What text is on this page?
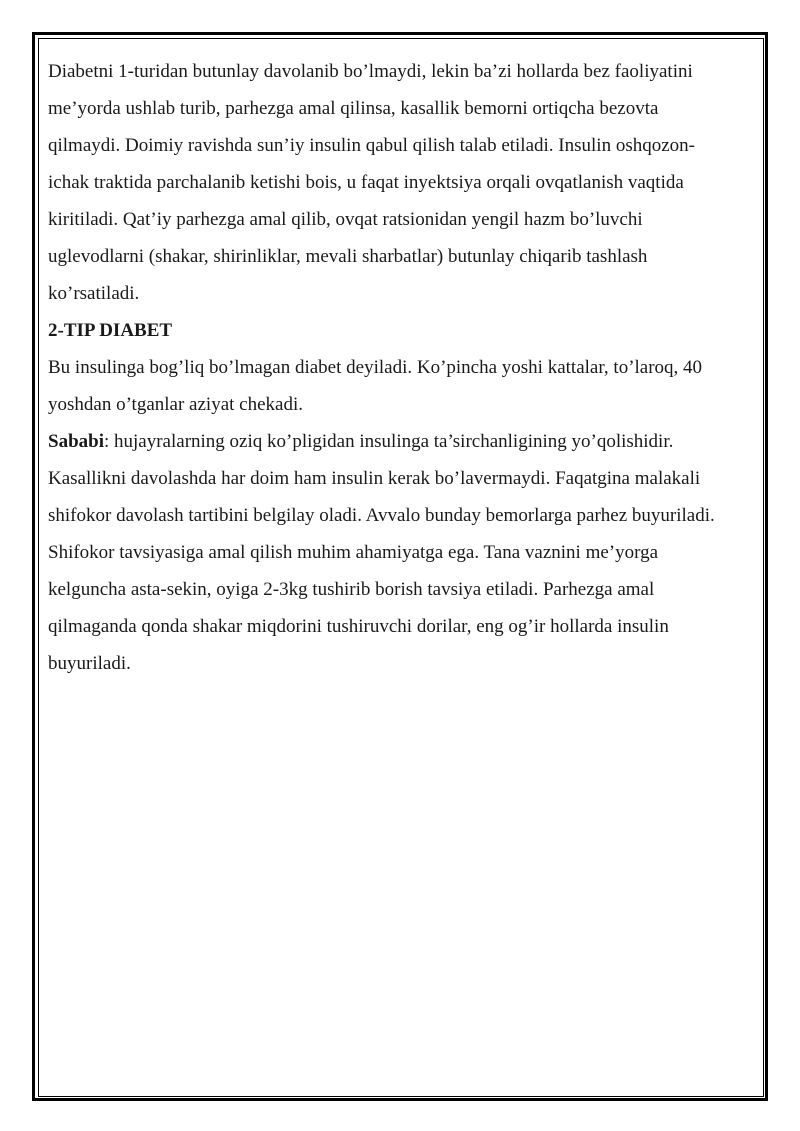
Diabetni 1-turidan butunlay davolanib bo’lmaydi, lekin ba’zi hollarda bez faoliyatini me’yorda ushlab turib, parhezga amal qilinsa, kasallik bemorni ortiqcha bezovta qilmaydi. Doimiy ravishda sun’iy insulin qabul qilish talab etiladi. Insulin oshqozon-ichak traktida parchalanib ketishi bois, u faqat inyektsiya orqali ovqatlanish vaqtida kiritiladi. Qat’iy parhezga amal qilib, ovqat ratsionidan yengil hazm bo’luvchi uglevodlarni (shakar, shirinliklar, mevali sharbatlar) butunlay chiqarib tashlash ko’rsatiladi.

2-TIP DIABET

Bu insulinga bog’liq bo’lmagan diabet deyiladi. Ko’pincha yoshi kattalar, to’laroq, 40 yoshdan o’tganlar aziyat chekadi.

Sababi: hujayralarning oziq ko’pligidan insulinga ta’sirchanligining yo’qolishidir. Kasallikni davolashda har doim ham insulin kerak bo’lavermaydi. Faqatgina malakali shifokor davolash tartibini belgilay oladi. Avvalo bunday bemorlarga parhez buyuriladi. Shifokor tavsiyasiga amal qilish muhim ahamiyatga ega. Tana vaznini me’yorga kelguncha asta-sekin, oyiga 2-3kg tushirib borish tavsiya etiladi. Parhezga amal qilmaganda qonda shakar miqdorini tushiruvchi dorilar, eng og’ir hollarda insulin buyuriladi.
